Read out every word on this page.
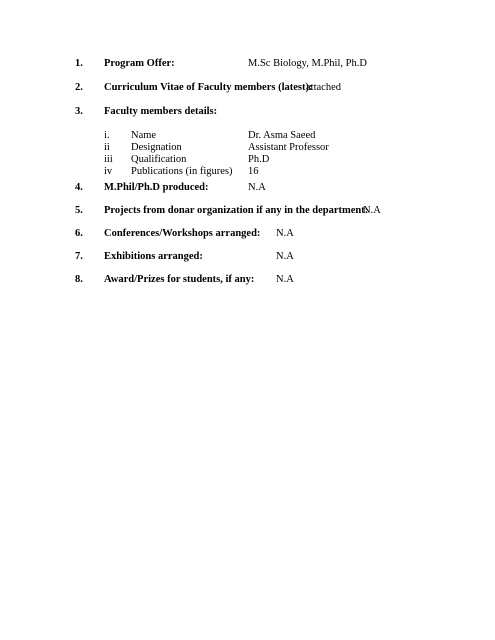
1. Program Offer:	M.Sc Biology, M.Phil, Ph.D
2. Curriculum Vitae of Faculty members (latest):
attached
3. Faculty members details:
i. Name	Dr. Asma Saeed
ii Designation	Assistant Professor
iii Qualification	Ph.D
iv Publications (in figures) 16
4. M.Phil/Ph.D produced:	N.A
5. Projects from donar organization if any in the department:
N.A
6. Conferences/Workshops arranged: N.A
7. Exhibitions arranged:	N.A
8. Award/Prizes for students, if any: N.A
